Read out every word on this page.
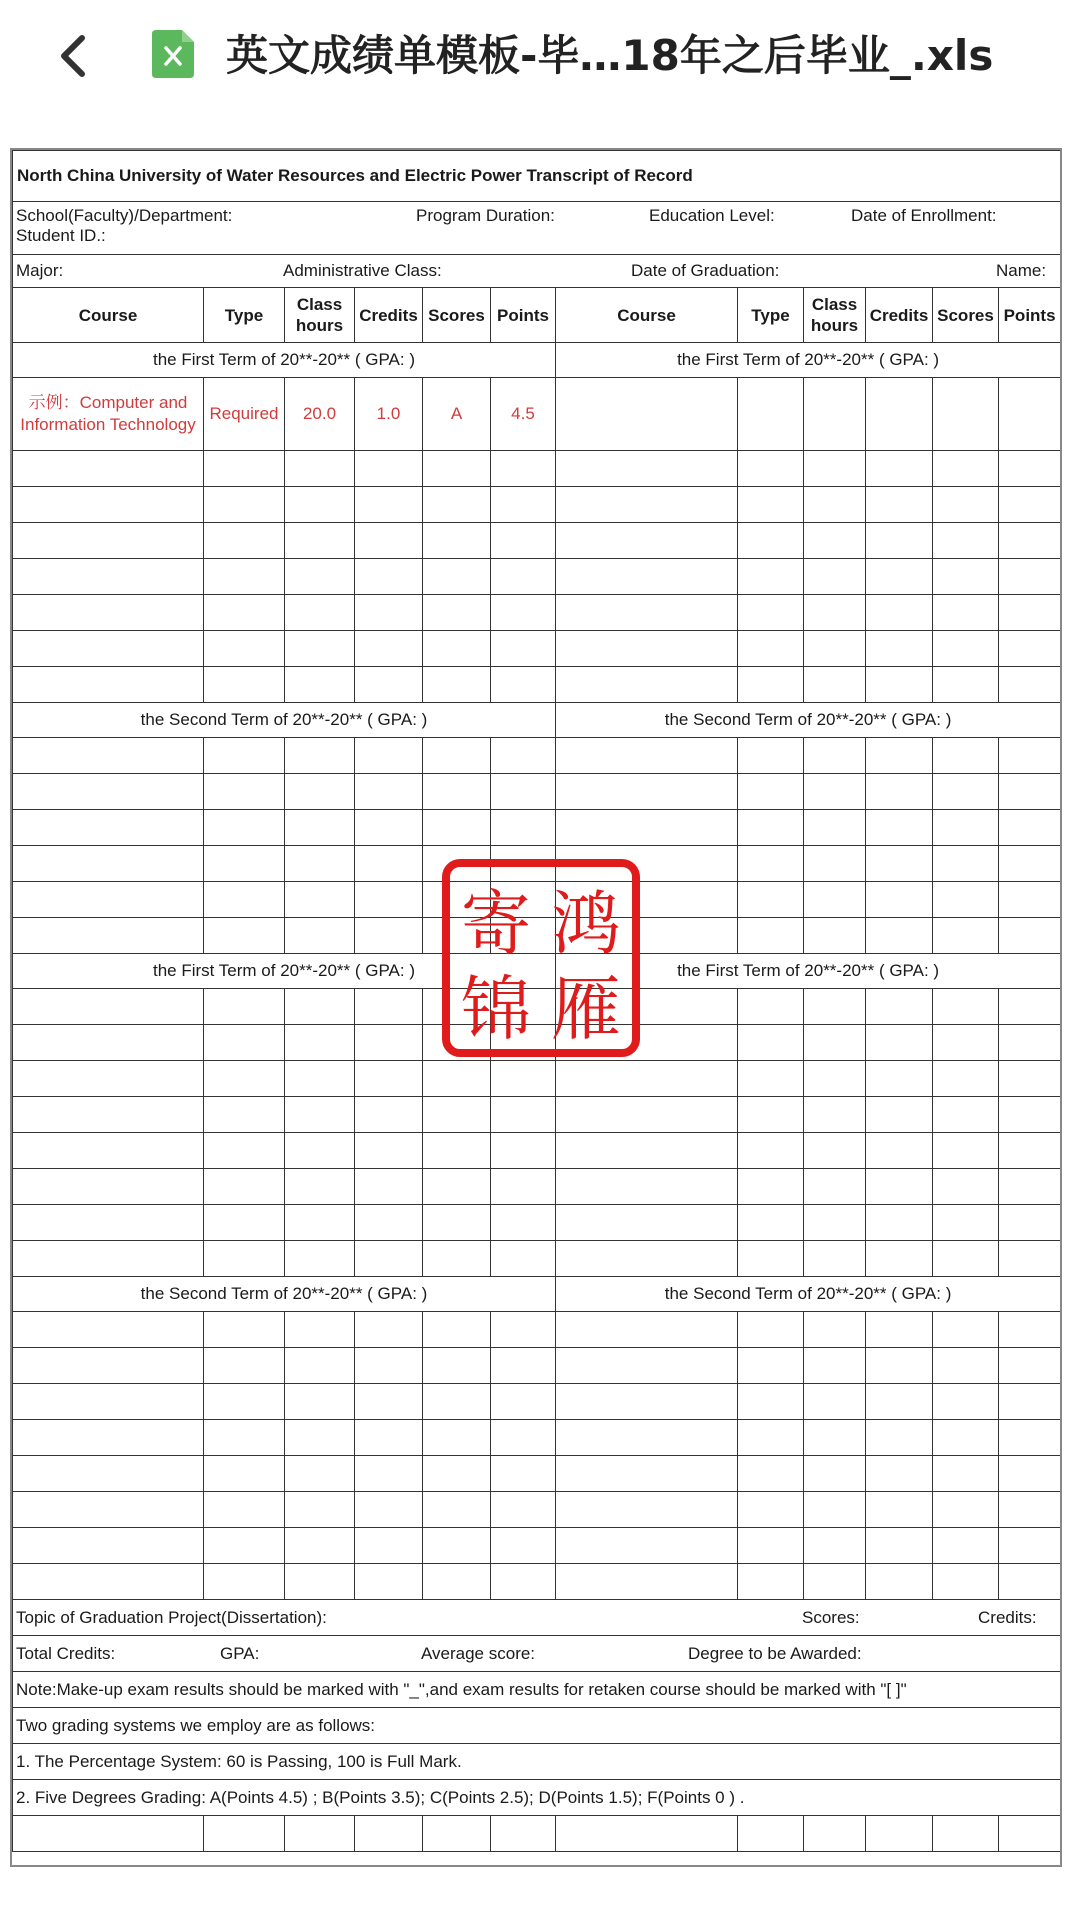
英文成绩单模板-毕…18年之后毕业_.xls
North China University of Water Resources and Electric Power Transcript of Record											

School(Faculty)/Department: Program Duration: Education Level: Date of Enrollment:
Student ID.:											

Major: Administrative Class: Date of Graduation: Name:											

Course	Type	Class hours	Credits	Scores	Points	Course	Type	Class hours	Credits	Scores	Points
the First Term of 20**-20** ( GPA: )						the First Term of 20**-20** ( GPA: )					
示例：Computer and Information Technology	Required	20.0	1.0	A	4.5						

the Second Term of 20**-20** ( GPA: )						the Second Term of 20**-20** ( GPA: )					

the First Term of 20**-20** ( GPA: )						the First Term of 20**-20** ( GPA: )					

the Second Term of 20**-20** ( GPA: )						the Second Term of 20**-20** ( GPA: )					

Topic of Graduation Project(Dissertation): Scores: Credits:											

Total Credits: GPA: Average score: Degree to be Awarded:											

Note:Make-up exam results should be marked with "_",and exam results for retaken course should be marked with "[ ]"											
Two grading systems we employ are as follows:											
1. The Percentage System: 60 is Passing, 100 is Full Mark.											
2. Five Degrees Grading: A(Points 4.5) ; B(Points 3.5); C(Points 2.5); D(Points 1.5); F(Points 0 ) .											

寄 鸿
锦 雁
